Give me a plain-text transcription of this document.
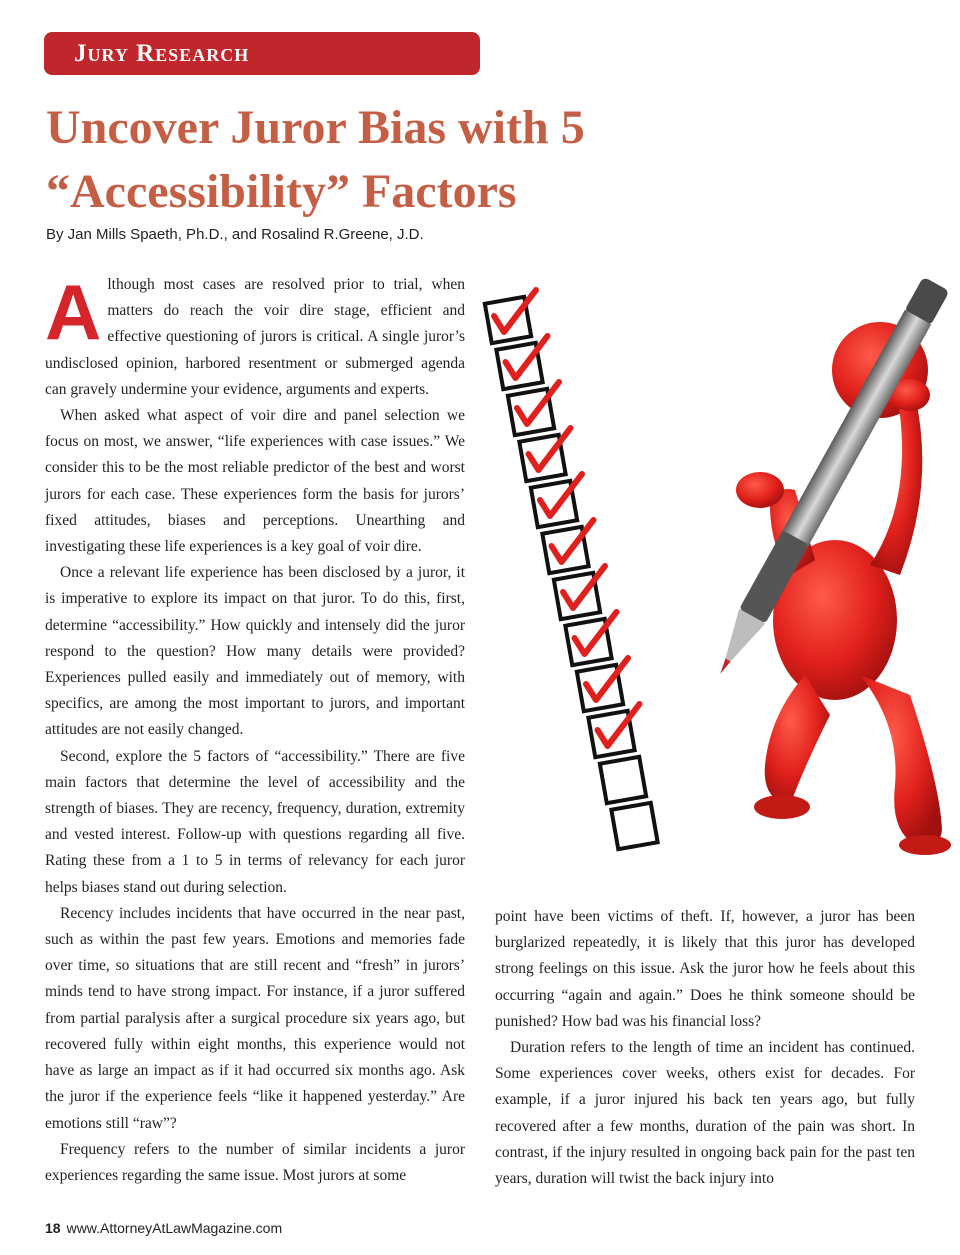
Jury Research
Uncover Juror Bias with 5 “Accessibility” Factors
By Jan Mills Spaeth, Ph.D., and Rosalind R.Greene, J.D.

Although most cases are resolved prior to trial, when matters do reach the voir dire stage, efficient and effective questioning of jurors is critical. A single juror’s undisclosed opinion, harbored resentment or submerged agenda can gravely undermine your evidence, arguments and experts.

When asked what aspect of voir dire and panel selection we focus on most, we answer, “life experiences with case issues.” We consider this to be the most reliable predictor of the best and worst jurors for each case. These experiences form the basis for jurors’ fixed attitudes, biases and perceptions. Unearthing and investigating these life experiences is a key goal of voir dire.

Once a relevant life experience has been disclosed by a juror, it is imperative to explore its impact on that juror. To do this, first, determine “accessibility.” How quickly and intensely did the juror respond to the question? How many details were provided? Experiences pulled easily and immediately out of memory, with specifics, are among the most important to jurors, and important attitudes are not easily changed.

Second, explore the 5 factors of “accessibility.” There are five main factors that determine the level of accessibility and the strength of biases. They are recency, frequency, duration, extremity and vested interest. Follow-up with questions regarding all five. Rating these from a 1 to 5 in terms of relevancy for each juror helps biases stand out during selection.

Recency includes incidents that have occurred in the near past, such as within the past few years. Emotions and memories fade over time, so situations that are still recent and “fresh” in jurors’ minds tend to have strong impact. For instance, if a juror suffered from partial paralysis after a surgical procedure six years ago, but recovered fully within eight months, this experience would not have as large an impact as if it had occurred six months ago. Ask the juror if the experience feels “like it happened yesterday.” Are emotions still “raw”?

Frequency refers to the number of similar incidents a juror experiences regarding the same issue. Most jurors at some

point have been victims of theft. If, however, a juror has been burglarized repeatedly, it is likely that this juror has developed strong feelings on this issue. Ask the juror how he feels about this occurring “again and again.” Does he think someone should be punished? How bad was his financial loss?

Duration refers to the length of time an incident has continued. Some experiences cover weeks, others exist for decades. For example, if a juror injured his back ten years ago, but fully recovered after a few months, duration of the pain was short. In contrast, if the injury resulted in ongoing back pain for the past ten years, duration will twist the back injury into

18 www.AttorneyAtLawMagazine.com
